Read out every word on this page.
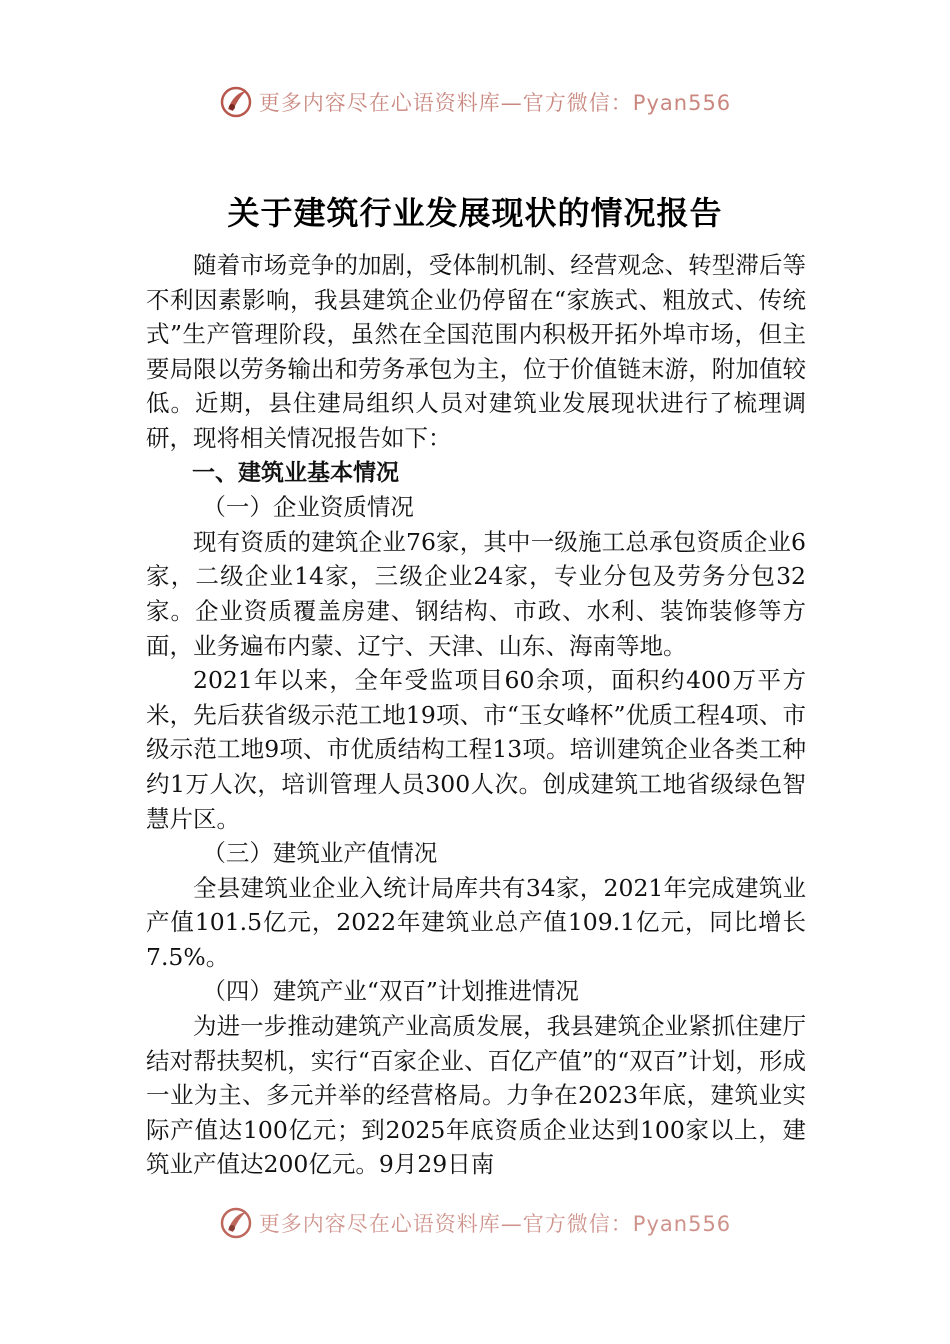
更多内容尽在心语资料库—官方微信：Pyan556
关于建筑行业发展现状的情况报告

随着市场竞争的加剧，受体制机制、经营观念、转型滞后等不利因素影响，我县建筑企业仍停留在“家族式、粗放式、传统式”生产管理阶段，虽然在全国范围内积极开拓外埠市场，但主要局限以劳务输出和劳务承包为主，位于价值链末游，附加值较低。近期，县住建局组织人员对建筑业发展现状进行了梳理调研，现将相关情况报告如下：

一、建筑业基本情况

（一）企业资质情况

现有资质的建筑企业76家，其中一级施工总承包资质企业6家，二级企业14家，三级企业24家，专业分包及劳务分包32家。企业资质覆盖房建、钢结构、市政、水利、装饰装修等方面，业务遍布内蒙、辽宁、天津、山东、海南等地。

2021年以来，全年受监项目60余项，面积约400万平方米，先后获省级示范工地19项、市“玉女峰杯”优质工程4项、市级示范工地9项、市优质结构工程13项。培训建筑企业各类工种约1万人次，培训管理人员300人次。创成建筑工地省级绿色智慧片区。

（三）建筑业产值情况

全县建筑业企业入统计局库共有34家，2021年完成建筑业产值101.5亿元，2022年建筑业总产值109.1亿元，同比增长7.5%。

（四）建筑产业“双百”计划推进情况

为进一步推动建筑产业高质发展，我县建筑企业紧抓住建厅结对帮扶契机，实行“百家企业、百亿产值”的“双百”计划，形成一业为主、多元并举的经营格局。力争在2023年底，建筑业实际产值达100亿元；到2025年底资质企业达到100家以上，建筑业产值达200亿元。9月29日南

更多内容尽在心语资料库—官方微信：Pyan556
